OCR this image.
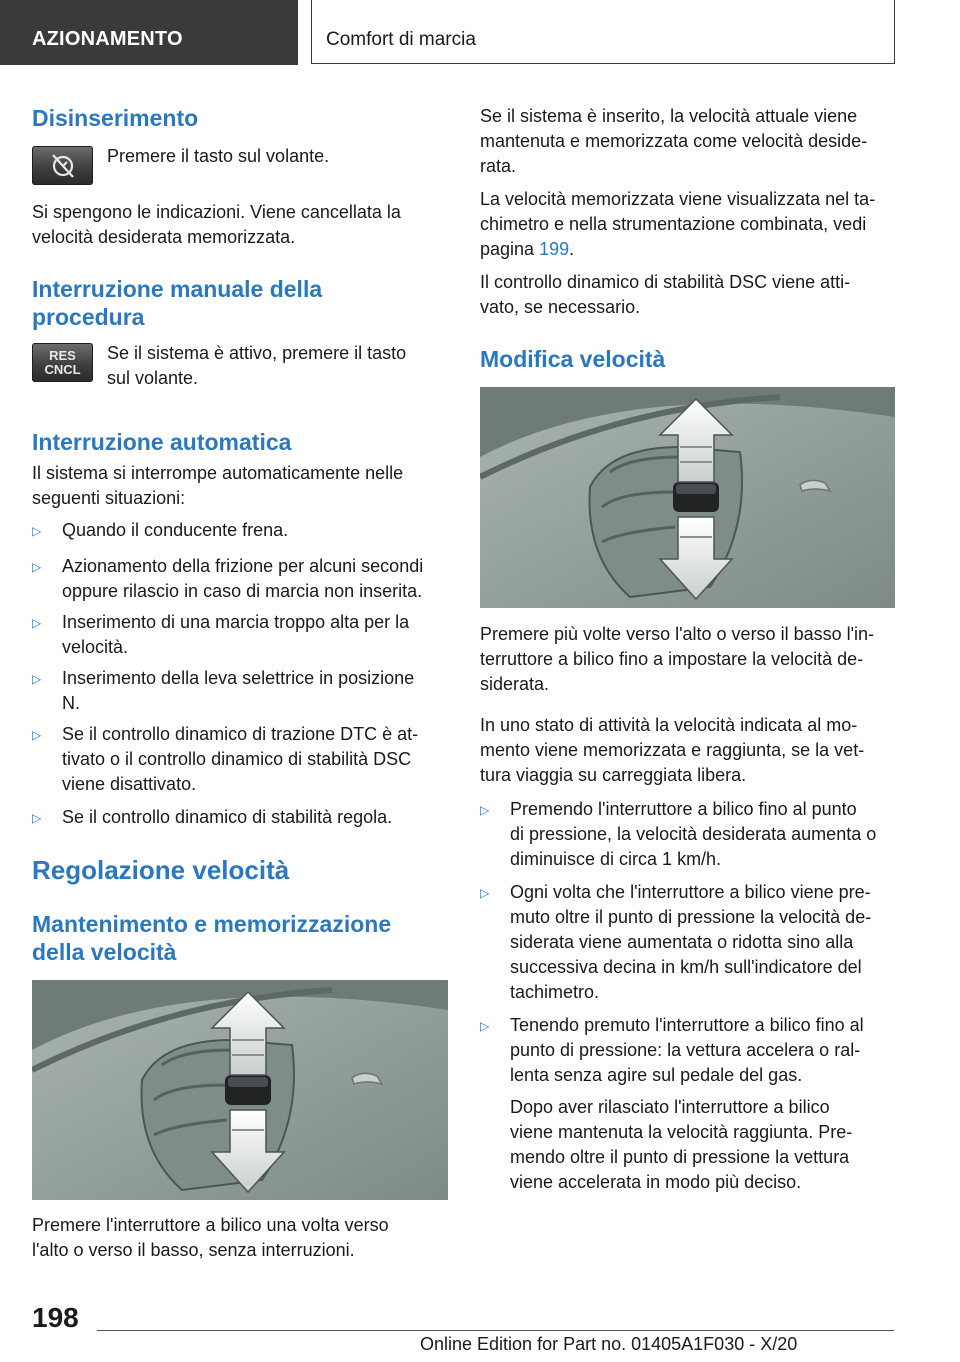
AZIONAMENTO	Comfort di marcia
Disinserimento
Premere il tasto sul volante.
Si spengono le indicazioni. Viene cancellata la
velocità desiderata memorizzata.
Interruzione manuale della
procedura
RES
CNCL
Se il sistema è attivo, premere il tasto
sul volante.
Interruzione automatica
Il sistema si interrompe automaticamente nelle
seguenti situazioni:
▷	Quando il conducente frena.
▷	Azionamento della frizione per alcuni secondi
oppure rilascio in caso di marcia non inserita.
▷	Inserimento di una marcia troppo alta per la
velocità.
▷	Inserimento della leva selettrice in posizione
N.
▷	Se il controllo dinamico di trazione DTC è at-
tivato o il controllo dinamico di stabilità DSC
viene disattivato.
▷	Se il controllo dinamico di stabilità regola.
Regolazione velocità
Mantenimento e memorizzazione
della velocità
Premere l'interruttore a bilico una volta verso
l'alto o verso il basso, senza interruzioni.
Se il sistema è inserito, la velocità attuale viene
mantenuta e memorizzata come velocità deside-
rata.
La velocità memorizzata viene visualizzata nel ta-
chimetro e nella strumentazione combinata, vedi
pagina 199.
Il controllo dinamico di stabilità DSC viene atti-
vato, se necessario.
Modifica velocità
Premere più volte verso l'alto o verso il basso l'in-
terruttore a bilico fino a impostare la velocità de-
siderata.
In uno stato di attività la velocità indicata al mo-
mento viene memorizzata e raggiunta, se la vet-
tura viaggia su carreggiata libera.
▷	Premendo l'interruttore a bilico fino al punto
di pressione, la velocità desiderata aumenta o
diminuisce di circa 1 km/h.
▷	Ogni volta che l'interruttore a bilico viene pre-
muto oltre il punto di pressione la velocità de-
siderata viene aumentata o ridotta sino alla
successiva decina in km/h sull'indicatore del
tachimetro.
▷	Tenendo premuto l'interruttore a bilico fino al
punto di pressione: la vettura accelera o ral-
lenta senza agire sul pedale del gas.
Dopo aver rilasciato l'interruttore a bilico
viene mantenuta la velocità raggiunta. Pre-
mendo oltre il punto di pressione la vettura
viene accelerata in modo più deciso.
198
Online Edition for Part no. 01405A1F030 - X/20
